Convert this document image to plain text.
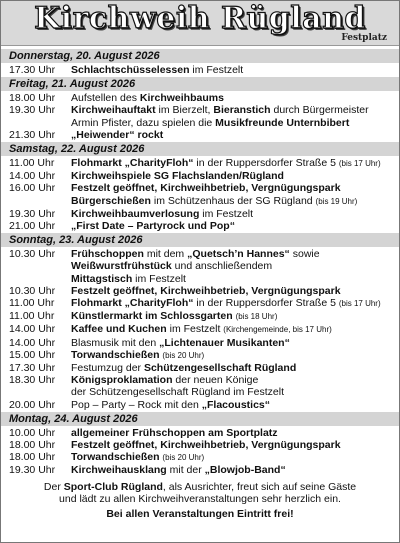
Kirchweih Rügland
Festplatz
Donnerstag, 20. August 2026
17.30 Uhr	Schlachtschüsselessen im Festzelt
Freitag, 21. August 2026
18.00 Uhr	Aufstellen des Kirchweihbaums
19.30 Uhr	Kirchweihauftakt im Bierzelt, Bieranstich durch Bürgermeister
Armin Pfister, dazu spielen die Musikfreunde Unternbibert
21.30 Uhr	„Heiwender“ rockt
Samstag, 22. August 2026
11.00 Uhr	Flohmarkt „CharityFloh“ in der Ruppersdorfer Straße 5 (bis 17 Uhr)
14.00 Uhr	Kirchweihspiele SG Flachslanden/Rügland
16.00 Uhr	Festzelt geöffnet, Kirchweihbetrieb, Vergnügungspark
Bürgerschießen im Schützenhaus der SG Rügland (bis 19 Uhr)
19.30 Uhr	Kirchweihbaumverlosung im Festzelt
21.00 Uhr	„First Date – Partyrock und Pop“
Sonntag, 23. August 2026
10.30 Uhr	Frühschoppen mit dem „Quetsch’n Hannes“ sowie
Weißwurstfrühstück und anschließendem
Mittagstisch im Festzelt
10.30 Uhr	Festzelt geöffnet, Kirchweihbetrieb, Vergnügungspark
11.00 Uhr	Flohmarkt „CharityFloh“ in der Ruppersdorfer Straße 5 (bis 17 Uhr)
11.00 Uhr	Künstlermarkt im Schlossgarten (bis 18 Uhr)
14.00 Uhr	Kaffee und Kuchen im Festzelt (Kirchengemeinde, bis 17 Uhr)
14.00 Uhr	Blasmusik mit den „Lichtenauer Musikanten“
15.00 Uhr	Torwandschießen (bis 20 Uhr)
17.30 Uhr	Festumzug der Schützengesellschaft Rügland
18.30 Uhr	Königsproklamation der neuen Könige
der Schützengesellschaft Rügland im Festzelt
20.00 Uhr	Pop – Party – Rock mit den „Flacoustics“
Montag, 24. August 2026
10.00 Uhr	allgemeiner Frühschoppen am Sportplatz
18.00 Uhr	Festzelt geöffnet, Kirchweihbetrieb, Vergnügungspark
18.00 Uhr	Torwandschießen (bis 20 Uhr)
19.30 Uhr	Kirchweihausklang mit der „Blowjob-Band“
Der Sport-Club Rügland, als Ausrichter, freut sich auf seine Gäste
und lädt zu allen Kirchweihveranstaltungen sehr herzlich ein.
Bei allen Veranstaltungen Eintritt frei!
